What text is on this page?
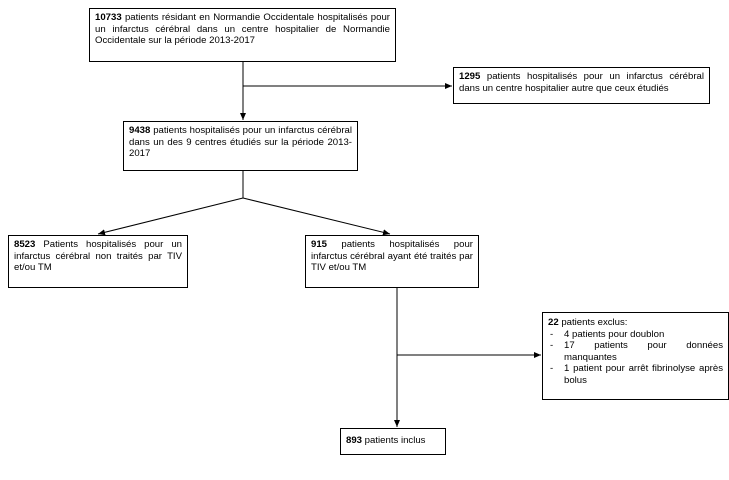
10733 patients résidant en Normandie Occidentale hospitalisés pour un infarctus cérébral dans un centre hospitalier de Normandie Occidentale sur la période 2013-2017
1295 patients hospitalisés pour un infarctus cérébral dans un centre hospitalier autre que ceux étudiés
9438 patients hospitalisés pour un infarctus cérébral dans un des 9 centres étudiés sur la période 2013-2017
8523 Patients hospitalisés pour un infarctus cérébral non traités par TIV et/ou TM
915 patients hospitalisés pour infarctus cérébral ayant été traités par TIV et/ou TM
22 patients exclus:
- 4 patients pour doublon
- 17 patients pour données manquantes
- 1 patient pour arrêt fibrinolyse après bolus
893 patients inclus
